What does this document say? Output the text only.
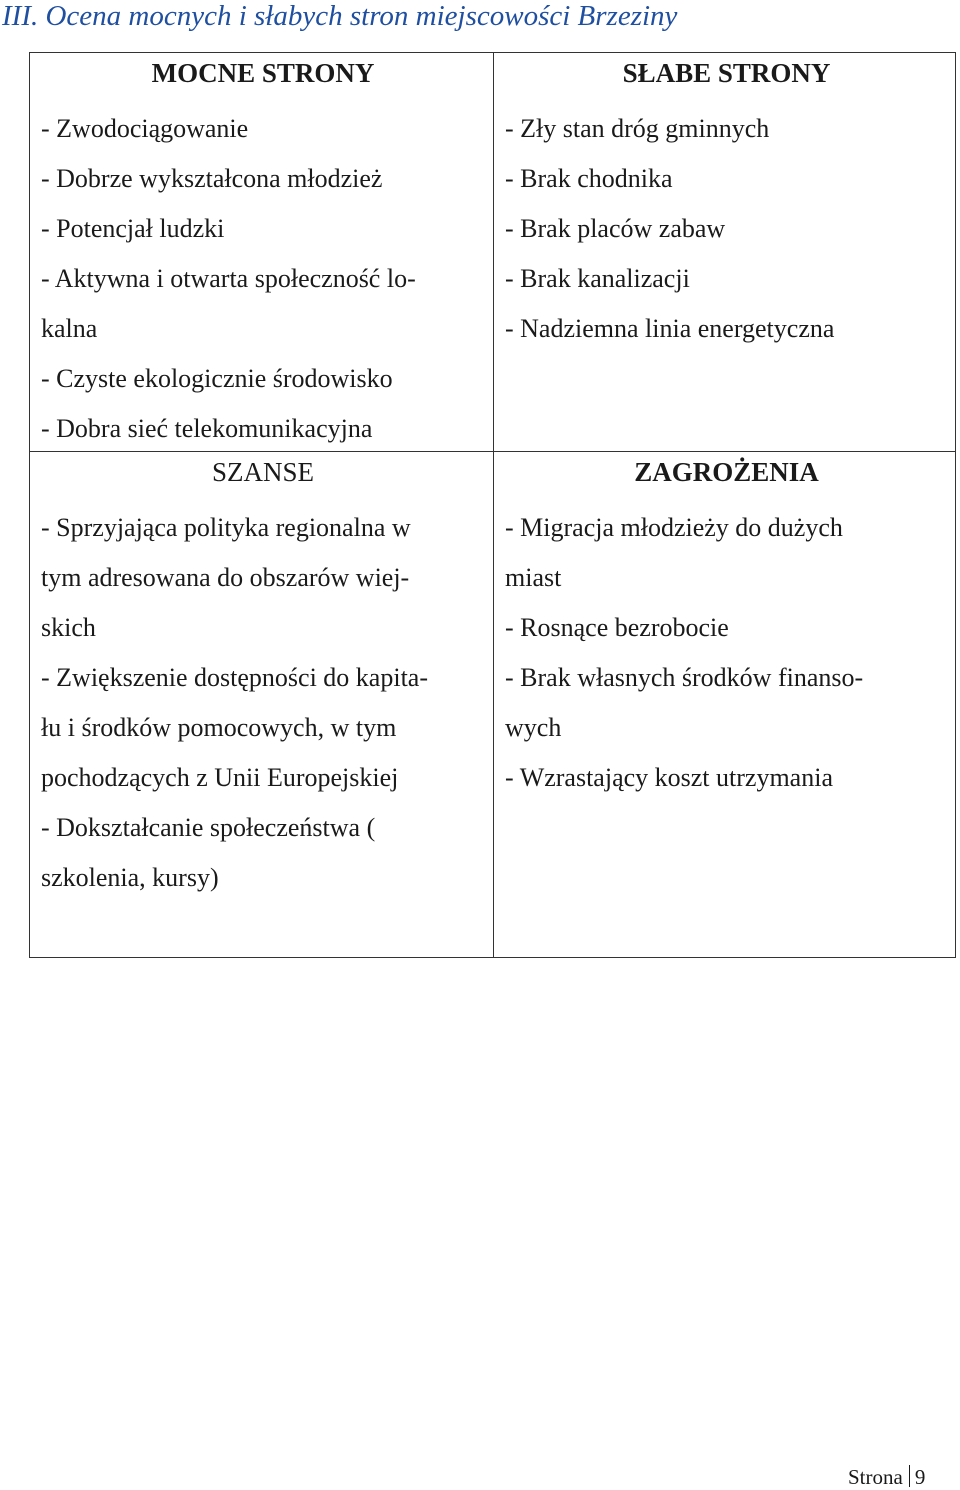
III. Ocena mocnych i słabych stron miejscowości Brzeziny
MOCNE STRONY
- Zwodociągowanie
- Dobrze wykształcona młodzież
- Potencjał ludzki
- Aktywna i otwarta społeczność lo-
kalna
- Czyste ekologicznie środowisko
- Dobra sieć telekomunikacyjna
SŁABE STRONY
- Zły stan dróg gminnych
- Brak chodnika
- Brak placów zabaw
- Brak kanalizacji
- Nadziemna linia energetyczna
SZANSE
- Sprzyjająca polityka regionalna w
tym adresowana do obszarów wiej-
skich
- Zwiększenie dostępności do kapita-
łu i środków pomocowych, w tym
pochodzących z Unii Europejskiej
- Dokształcanie społeczeństwa (
szkolenia, kursy)
ZAGROŻENIA
- Migracja młodzieży do dużych
miast
- Rosnące bezrobocie
- Brak własnych środków finanso-
wych
- Wzrastający koszt utrzymania
Strona 9
